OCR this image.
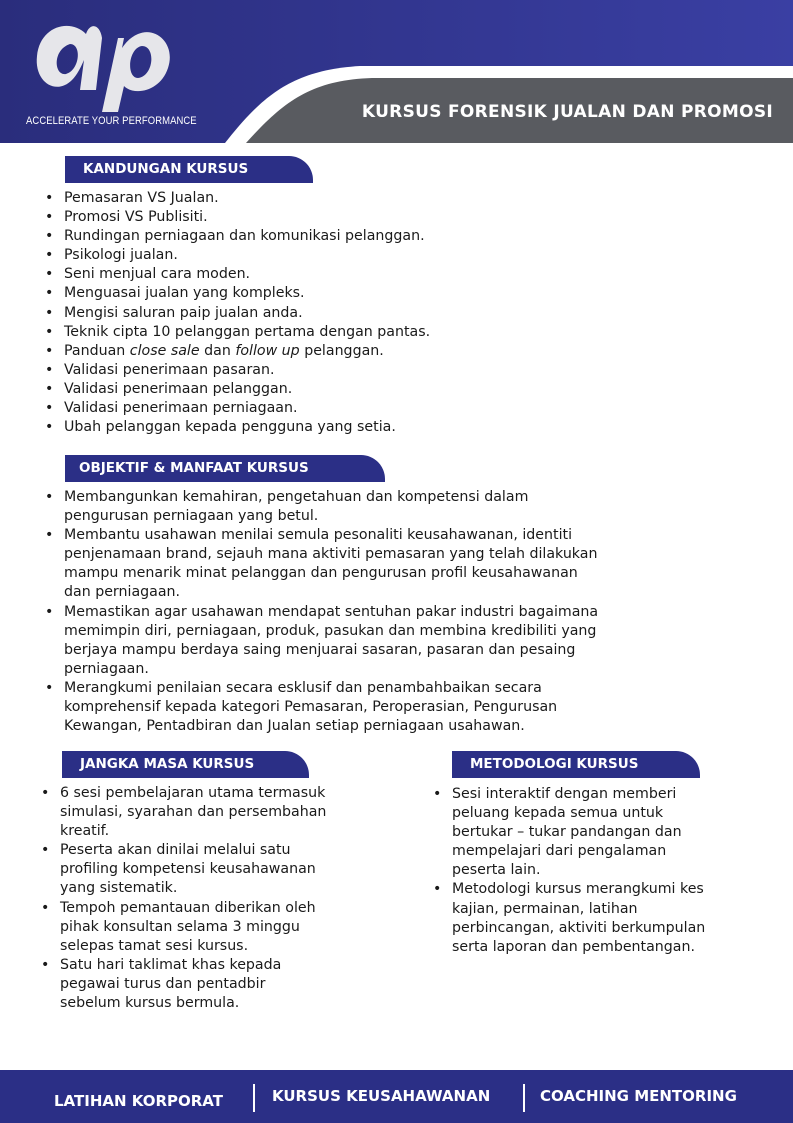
ACCELERATE YOUR PERFORMANCE	KURSUS FORENSIK JUALAN DAN PROMOSI
KANDUNGAN KURSUS
• Pemasaran VS Jualan.
• Promosi VS Publisiti.
• Rundingan perniagaan dan komunikasi pelanggan.
• Psikologi jualan.
• Seni menjual cara moden.
• Menguasai jualan yang kompleks.
• Mengisi saluran paip jualan anda.
• Teknik cipta 10 pelanggan pertama dengan pantas.
• Panduan close sale dan follow up pelanggan.
• Validasi penerimaan pasaran.
• Validasi penerimaan pelanggan.
• Validasi penerimaan perniagaan.
• Ubah pelanggan kepada pengguna yang setia.
OBJEKTIF & MANFAAT KURSUS
• Membangunkan kemahiran, pengetahuan dan kompetensi dalam
pengurusan perniagaan yang betul.
• Membantu usahawan menilai semula pesonaliti keusahawanan, identiti
penjenamaan brand, sejauh mana aktiviti pemasaran yang telah dilakukan
mampu menarik minat pelanggan dan pengurusan profil keusahawanan
dan perniagaan.
• Memastikan agar usahawan mendapat sentuhan pakar industri bagaimana
memimpin diri, perniagaan, produk, pasukan dan membina kredibiliti yang
berjaya mampu berdaya saing menjuarai sasaran, pasaran dan pesaing
perniagaan.
• Merangkumi penilaian secara esklusif dan penambahbaikan secara
komprehensif kepada kategori Pemasaran, Peroperasian, Pengurusan
Kewangan, Pentadbiran dan Jualan setiap perniagaan usahawan.
JANGKA MASA KURSUS
• 6 sesi pembelajaran utama termasuk
simulasi, syarahan dan persembahan
kreatif.
• Peserta akan dinilai melalui satu
profiling kompetensi keusahawanan
yang sistematik.
• Tempoh pemantauan diberikan oleh
pihak konsultan selama 3 minggu
selepas tamat sesi kursus.
• Satu hari taklimat khas kepada
pegawai turus dan pentadbir
sebelum kursus bermula.
METODOLOGI KURSUS
• Sesi interaktif dengan memberi
peluang kepada semua untuk
bertukar – tukar pandangan dan
mempelajari dari pengalaman
peserta lain.
• Metodologi kursus merangkumi kes
kajian, permainan, latihan
perbincangan, aktiviti berkumpulan
serta laporan dan pembentangan.
LATIHAN KORPORAT	KURSUS KEUSAHAWANAN	COACHING MENTORING
